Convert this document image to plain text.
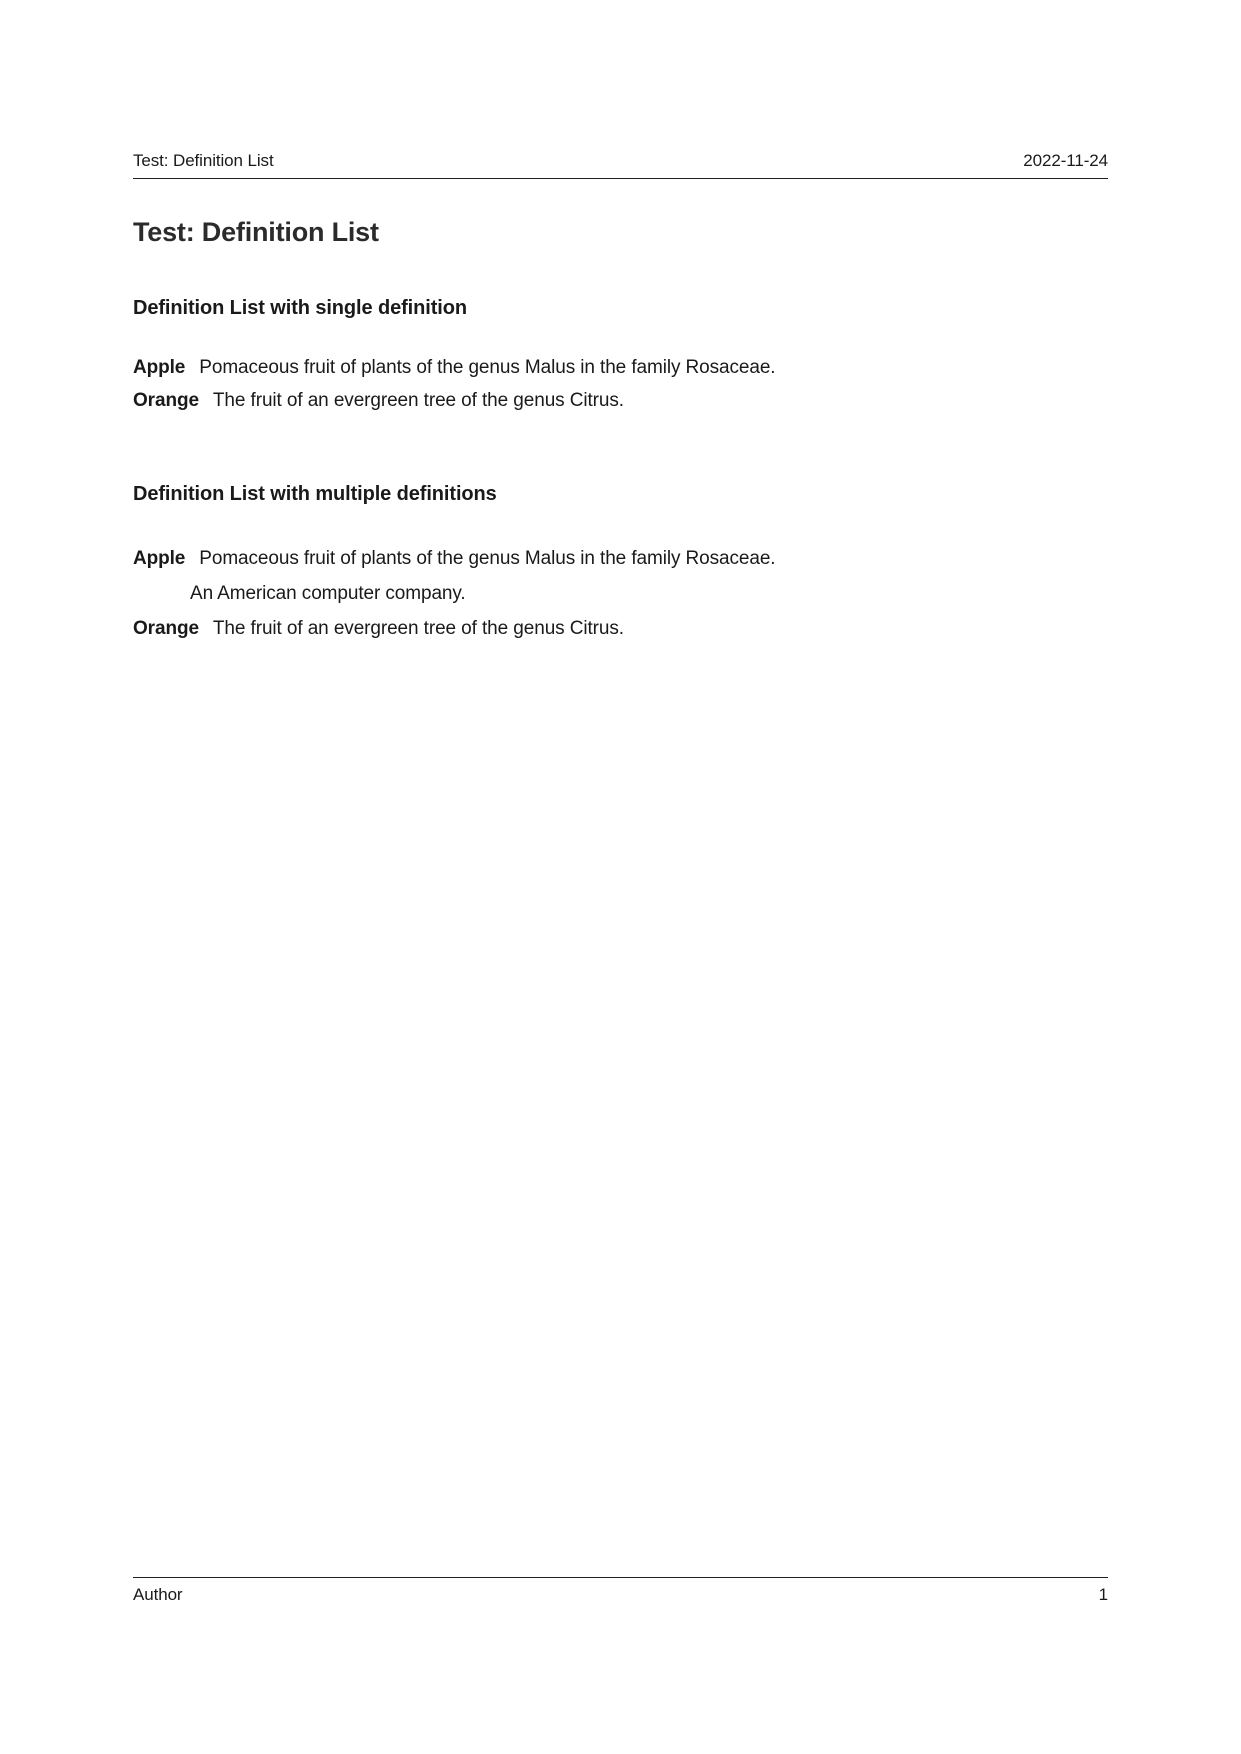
Test: Definition List	2022-11-24
Test: Definition List
Definition List with single definition
Apple Pomaceous fruit of plants of the genus Malus in the family Rosaceae.
Orange The fruit of an evergreen tree of the genus Citrus.
Definition List with multiple definitions
Apple Pomaceous fruit of plants of the genus Malus in the family Rosaceae.
An American computer company.
Orange The fruit of an evergreen tree of the genus Citrus.
Author	1
